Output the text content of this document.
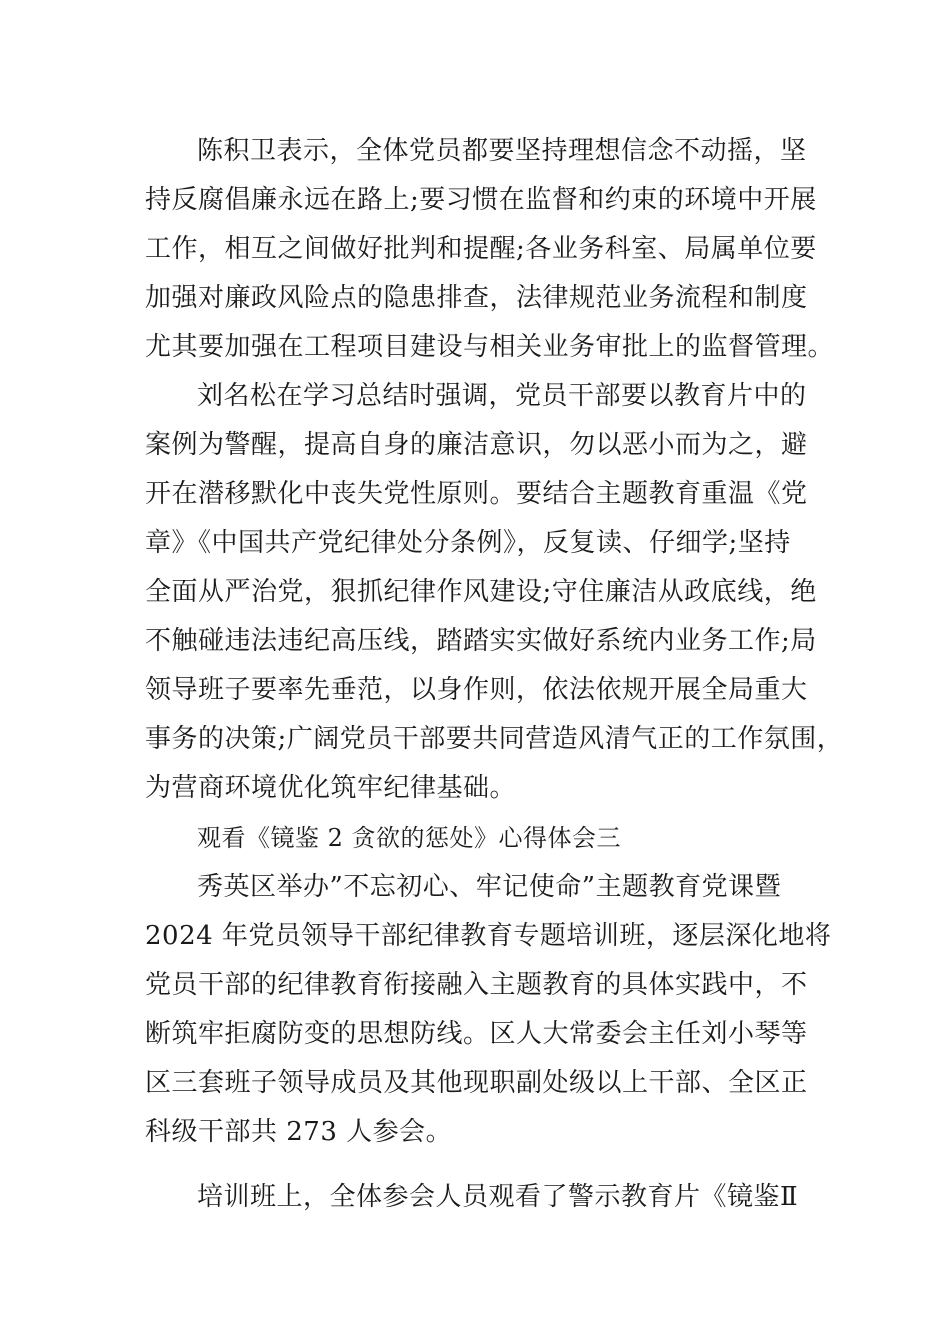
陈积卫表示，全体党员都要坚持理想信念不动摇，坚
持反腐倡廉永远在路上;要习惯在监督和约束的环境中开展
工作，相互之间做好批判和提醒;各业务科室、局属单位要
加强对廉政风险点的隐患排查，法律规范业务流程和制度
尤其要加强在工程项目建设与相关业务审批上的监督管理。
刘名松在学习总结时强调，党员干部要以教育片中的
案例为警醒，提高自身的廉洁意识，勿以恶小而为之，避
开在潜移默化中丧失党性原则。要结合主题教育重温《党
章》《中国共产党纪律处分条例》，反复读、仔细学;坚持
全面从严治党，狠抓纪律作风建设;守住廉洁从政底线，绝
不触碰违法违纪高压线，踏踏实实做好系统内业务工作;局
领导班子要率先垂范，以身作则，依法依规开展全局重大
事务的决策;广阔党员干部要共同营造风清气正的工作氛围，
为营商环境优化筑牢纪律基础。
观看《镜鉴 2 贪欲的惩处》心得体会三
秀英区举办”不忘初心、牢记使命”主题教育党课暨
2024 年党员领导干部纪律教育专题培训班，逐层深化地将
党员干部的纪律教育衔接融入主题教育的具体实践中，不
断筑牢拒腐防变的思想防线。区人大常委会主任刘小琴等
区三套班子领导成员及其他现职副处级以上干部、全区正
科级干部共 273 人参会。
培训班上，全体参会人员观看了警示教育片《镜鉴Ⅱ
